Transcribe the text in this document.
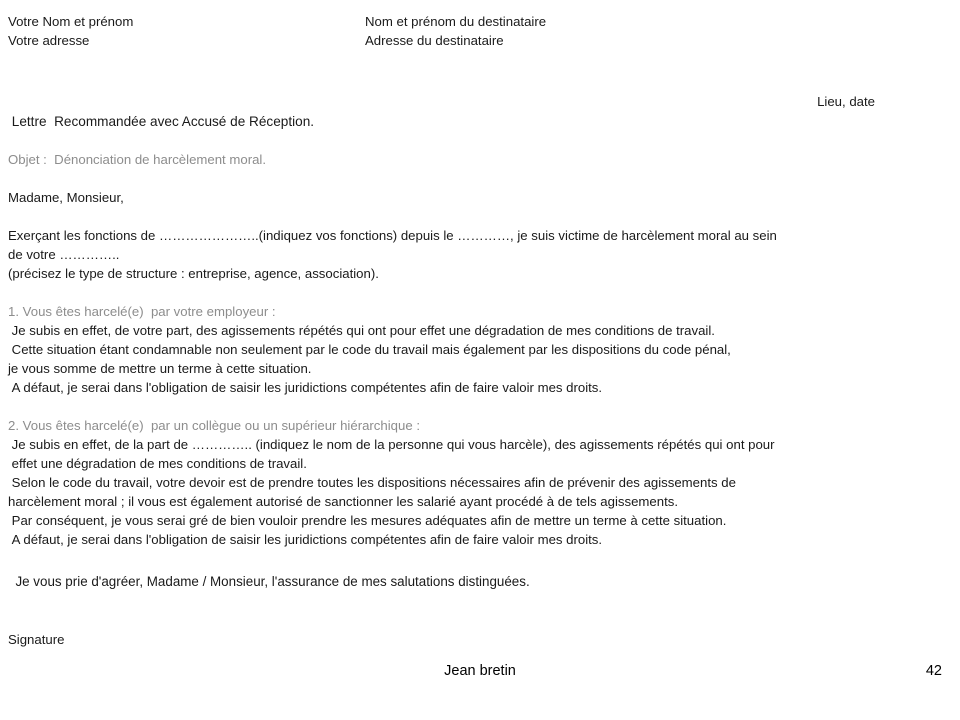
Votre Nom et prénom
Votre adresse
Nom et prénom du destinataire
Adresse du destinataire
Lieu, date
Lettre  Recommandée avec Accusé de Réception.
Objet :  Dénonciation de harcèlement moral.
Madame, Monsieur,
Exerçant les fonctions de …………………..(indiquez vos fonctions) depuis le …………, je suis victime de harcèlement moral au sein
de votre …………..
(précisez le type de structure : entreprise, agence, association).
1. Vous êtes harcelé(e)  par votre employeur :
Je subis en effet, de votre part, des agissements répétés qui ont pour effet une dégradation de mes conditions de travail.
Cette situation étant condamnable non seulement par le code du travail mais également par les dispositions du code pénal,
je vous somme de mettre un terme à cette situation.
A défaut, je serai dans l'obligation de saisir les juridictions compétentes afin de faire valoir mes droits.
2. Vous êtes harcelé(e)  par un collègue ou un supérieur hiérarchique :
Je subis en effet, de la part de ………….. (indiquez le nom de la personne qui vous harcèle), des agissements répétés qui ont pour
effet une dégradation de mes conditions de travail.
Selon le code du travail, votre devoir est de prendre toutes les dispositions nécessaires afin de prévenir des agissements de
harcèlement moral ; il vous est également autorisé de sanctionner les salarié ayant procédé à de tels agissements.
Par conséquent, je vous serai gré de bien vouloir prendre les mesures adéquates afin de mettre un terme à cette situation.
A défaut, je serai dans l'obligation de saisir les juridictions compétentes afin de faire valoir mes droits.
Je vous prie d'agréer, Madame / Monsieur, l'assurance de mes salutations distinguées.
Signature
Jean bretin	42
